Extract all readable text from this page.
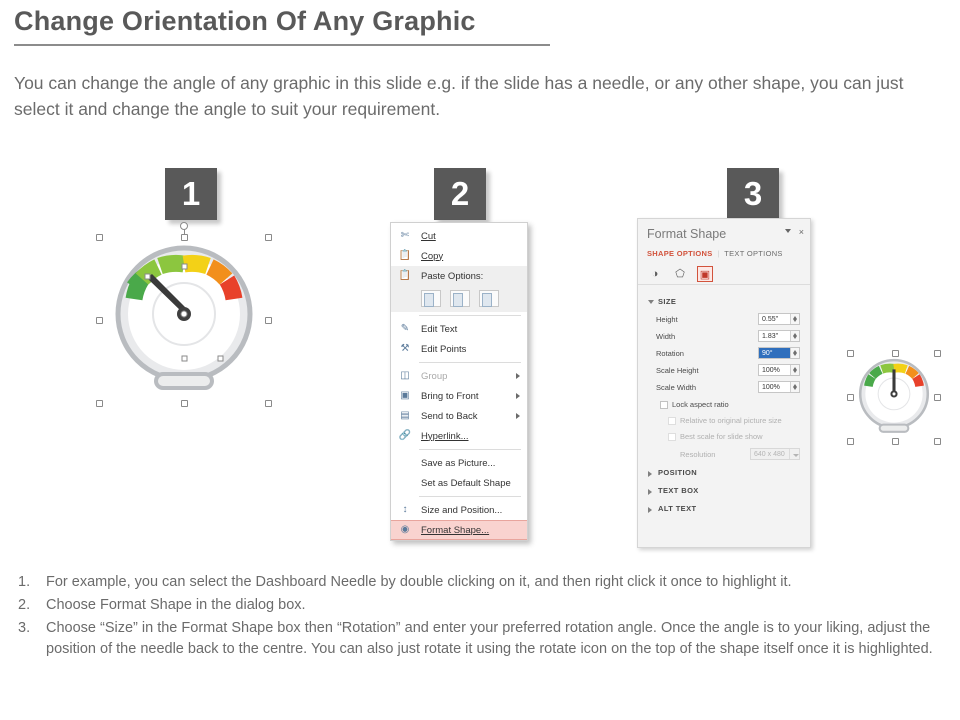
Change Orientation Of Any Graphic
You can change the angle of any graphic in this slide e.g. if the slide has a needle, or any other shape, you can just select it and change the angle to suit your requirement.
1	2	3
✄ Cut
📋 Copy
📋 Paste Options:
✎ Edit Text
⚒ Edit Points
◫ Group
▣ Bring to Front
▤ Send to Back
🔗 Hyperlink...
Save as Picture...
Set as Default Shape
↕	Size and Position...
◉ Format Shape...
Format Shape	×
SHAPE OPTIONS  |  TEXT OPTIONS
◑	⬠ ▣
SIZE
Height	0.55"
Width	1.83"
Rotation	90°
Scale Height	100%
Scale Width	100%
Lock aspect ratio
Relative to original picture size
Best scale for slide show
Resolution	640 x 480
POSITION
TEXT BOX
ALT TEXT
1. For example, you can select the Dashboard Needle by double clicking on it, and then right click it once to highlight it.
2. Choose Format Shape in the dialog box.
3. Choose “Size” in the Format Shape box then “Rotation” and enter your preferred rotation angle. Once the angle is to your liking, adjust the position of the needle back to the centre. You can also just rotate it using the rotate icon on the top of the shape itself once it is highlighted.
